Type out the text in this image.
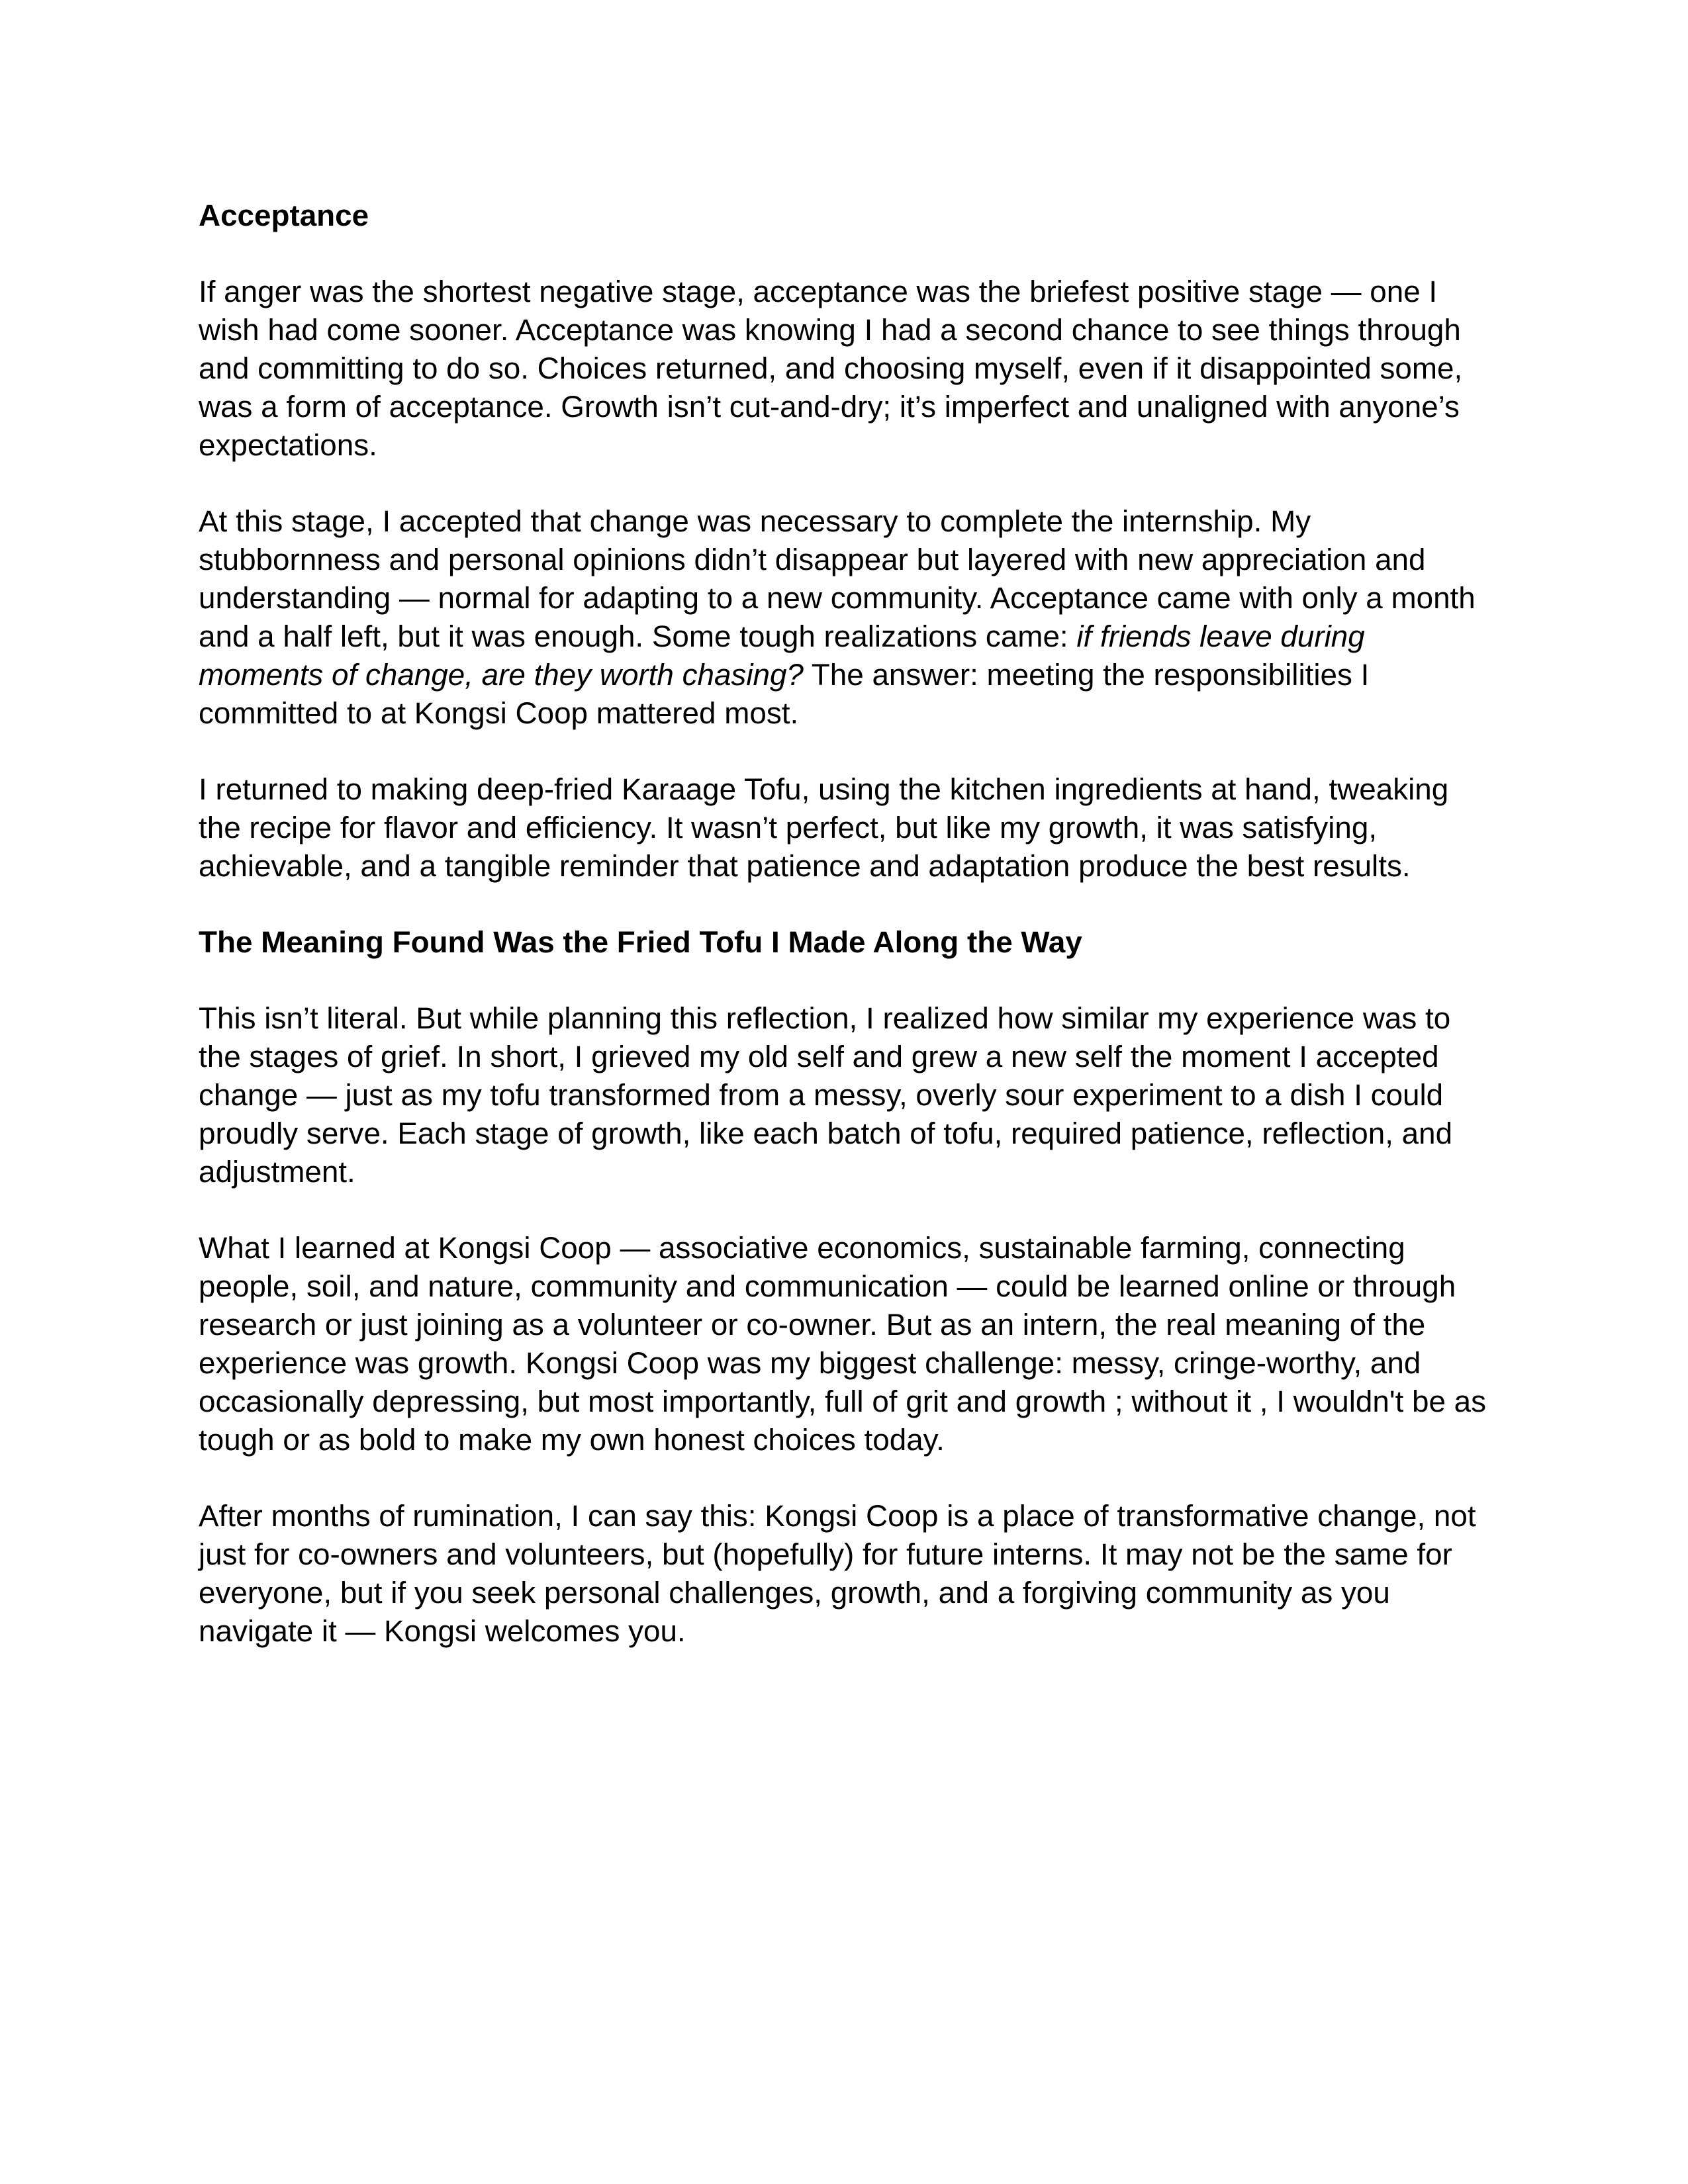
Acceptance

If anger was the shortest negative stage, acceptance was the briefest positive stage — one I wish had come sooner. Acceptance was knowing I had a second chance to see things through and committing to do so. Choices returned, and choosing myself, even if it disappointed some, was a form of acceptance. Growth isn’t cut-and-dry; it’s imperfect and unaligned with anyone’s expectations.

At this stage, I accepted that change was necessary to complete the internship. My stubbornness and personal opinions didn’t disappear but layered with new appreciation and understanding — normal for adapting to a new community. Acceptance came with only a month and a half left, but it was enough. Some tough realizations came: if friends leave during moments of change, are they worth chasing? The answer: meeting the responsibilities I committed to at Kongsi Coop mattered most.

I returned to making deep-fried Karaage Tofu, using the kitchen ingredients at hand, tweaking the recipe for flavor and efficiency. It wasn’t perfect, but like my growth, it was satisfying, achievable, and a tangible reminder that patience and adaptation produce the best results.

The Meaning Found Was the Fried Tofu I Made Along the Way

This isn’t literal. But while planning this reflection, I realized how similar my experience was to the stages of grief. In short, I grieved my old self and grew a new self the moment I accepted change — just as my tofu transformed from a messy, overly sour experiment to a dish I could proudly serve. Each stage of growth, like each batch of tofu, required patience, reflection, and adjustment.

What I learned at Kongsi Coop — associative economics, sustainable farming, connecting people, soil, and nature, community and communication — could be learned online or through research or just joining as a volunteer or co-owner. But as an intern, the real meaning of the experience was growth. Kongsi Coop was my biggest challenge: messy, cringe-worthy, and occasionally depressing, but most importantly, full of grit and growth ; without it , I wouldn't be as tough or as bold to make my own honest choices today.

After months of rumination, I can say this: Kongsi Coop is a place of transformative change, not just for co-owners and volunteers, but (hopefully) for future interns. It may not be the same for everyone, but if you seek personal challenges, growth, and a forgiving community as you navigate it — Kongsi welcomes you.
